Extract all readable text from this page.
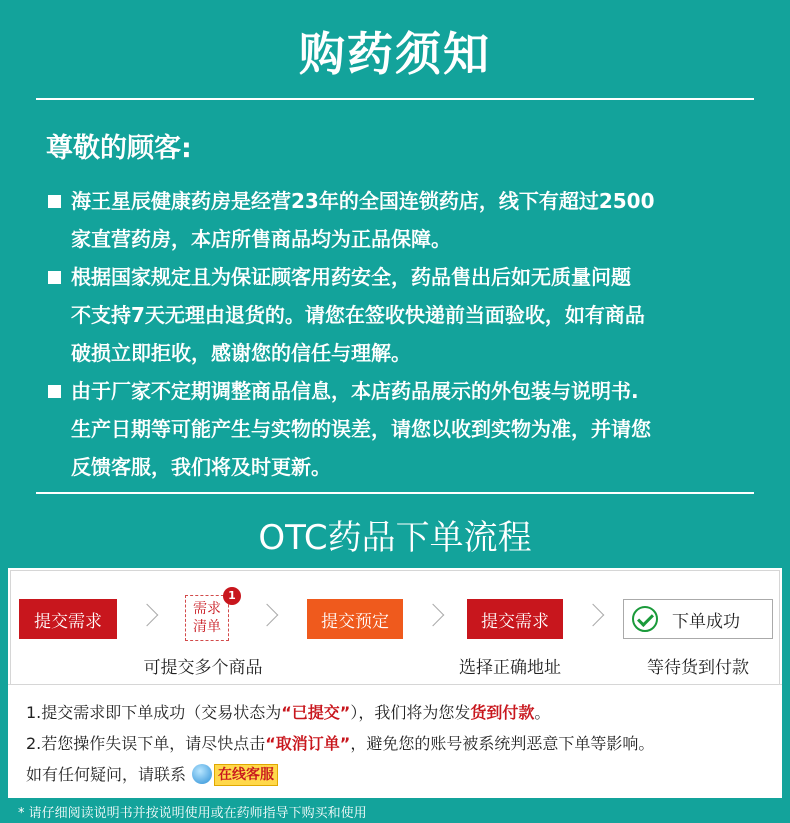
购药须知
尊敬的顾客:
海王星辰健康药房是经营23年的全国连锁药店，线下有超过2500
家直营药房，本店所售商品均为正品保障。
根据国家规定且为保证顾客用药安全，药品售出后如无质量问题
不支持7天无理由退货的。请您在签收快递前当面验收，如有商品
破损立即拒收，感谢您的信任与理解。
由于厂家不定期调整商品信息，本店药品展示的外包装与说明书.
生产日期等可能产生与实物的误差，请您以收到实物为准，并请您
反馈客服，我们将及时更新。
OTC药品下单流程
提交需求
需求
清单
1
提交预定	提交需求	下单成功
可提交多个商品	选择正确地址	等待货到付款
1.提交需求即下单成功（交易状态为“已提交”），我们将为您发货到付款。
2.若您操作失误下单，请尽快点击“取消订单”，避免您的账号被系统判恶意下单等影响。
如有任何疑问，请联系 在线客服
* 请仔细阅读说明书并按说明使用或在药师指导下购买和使用
